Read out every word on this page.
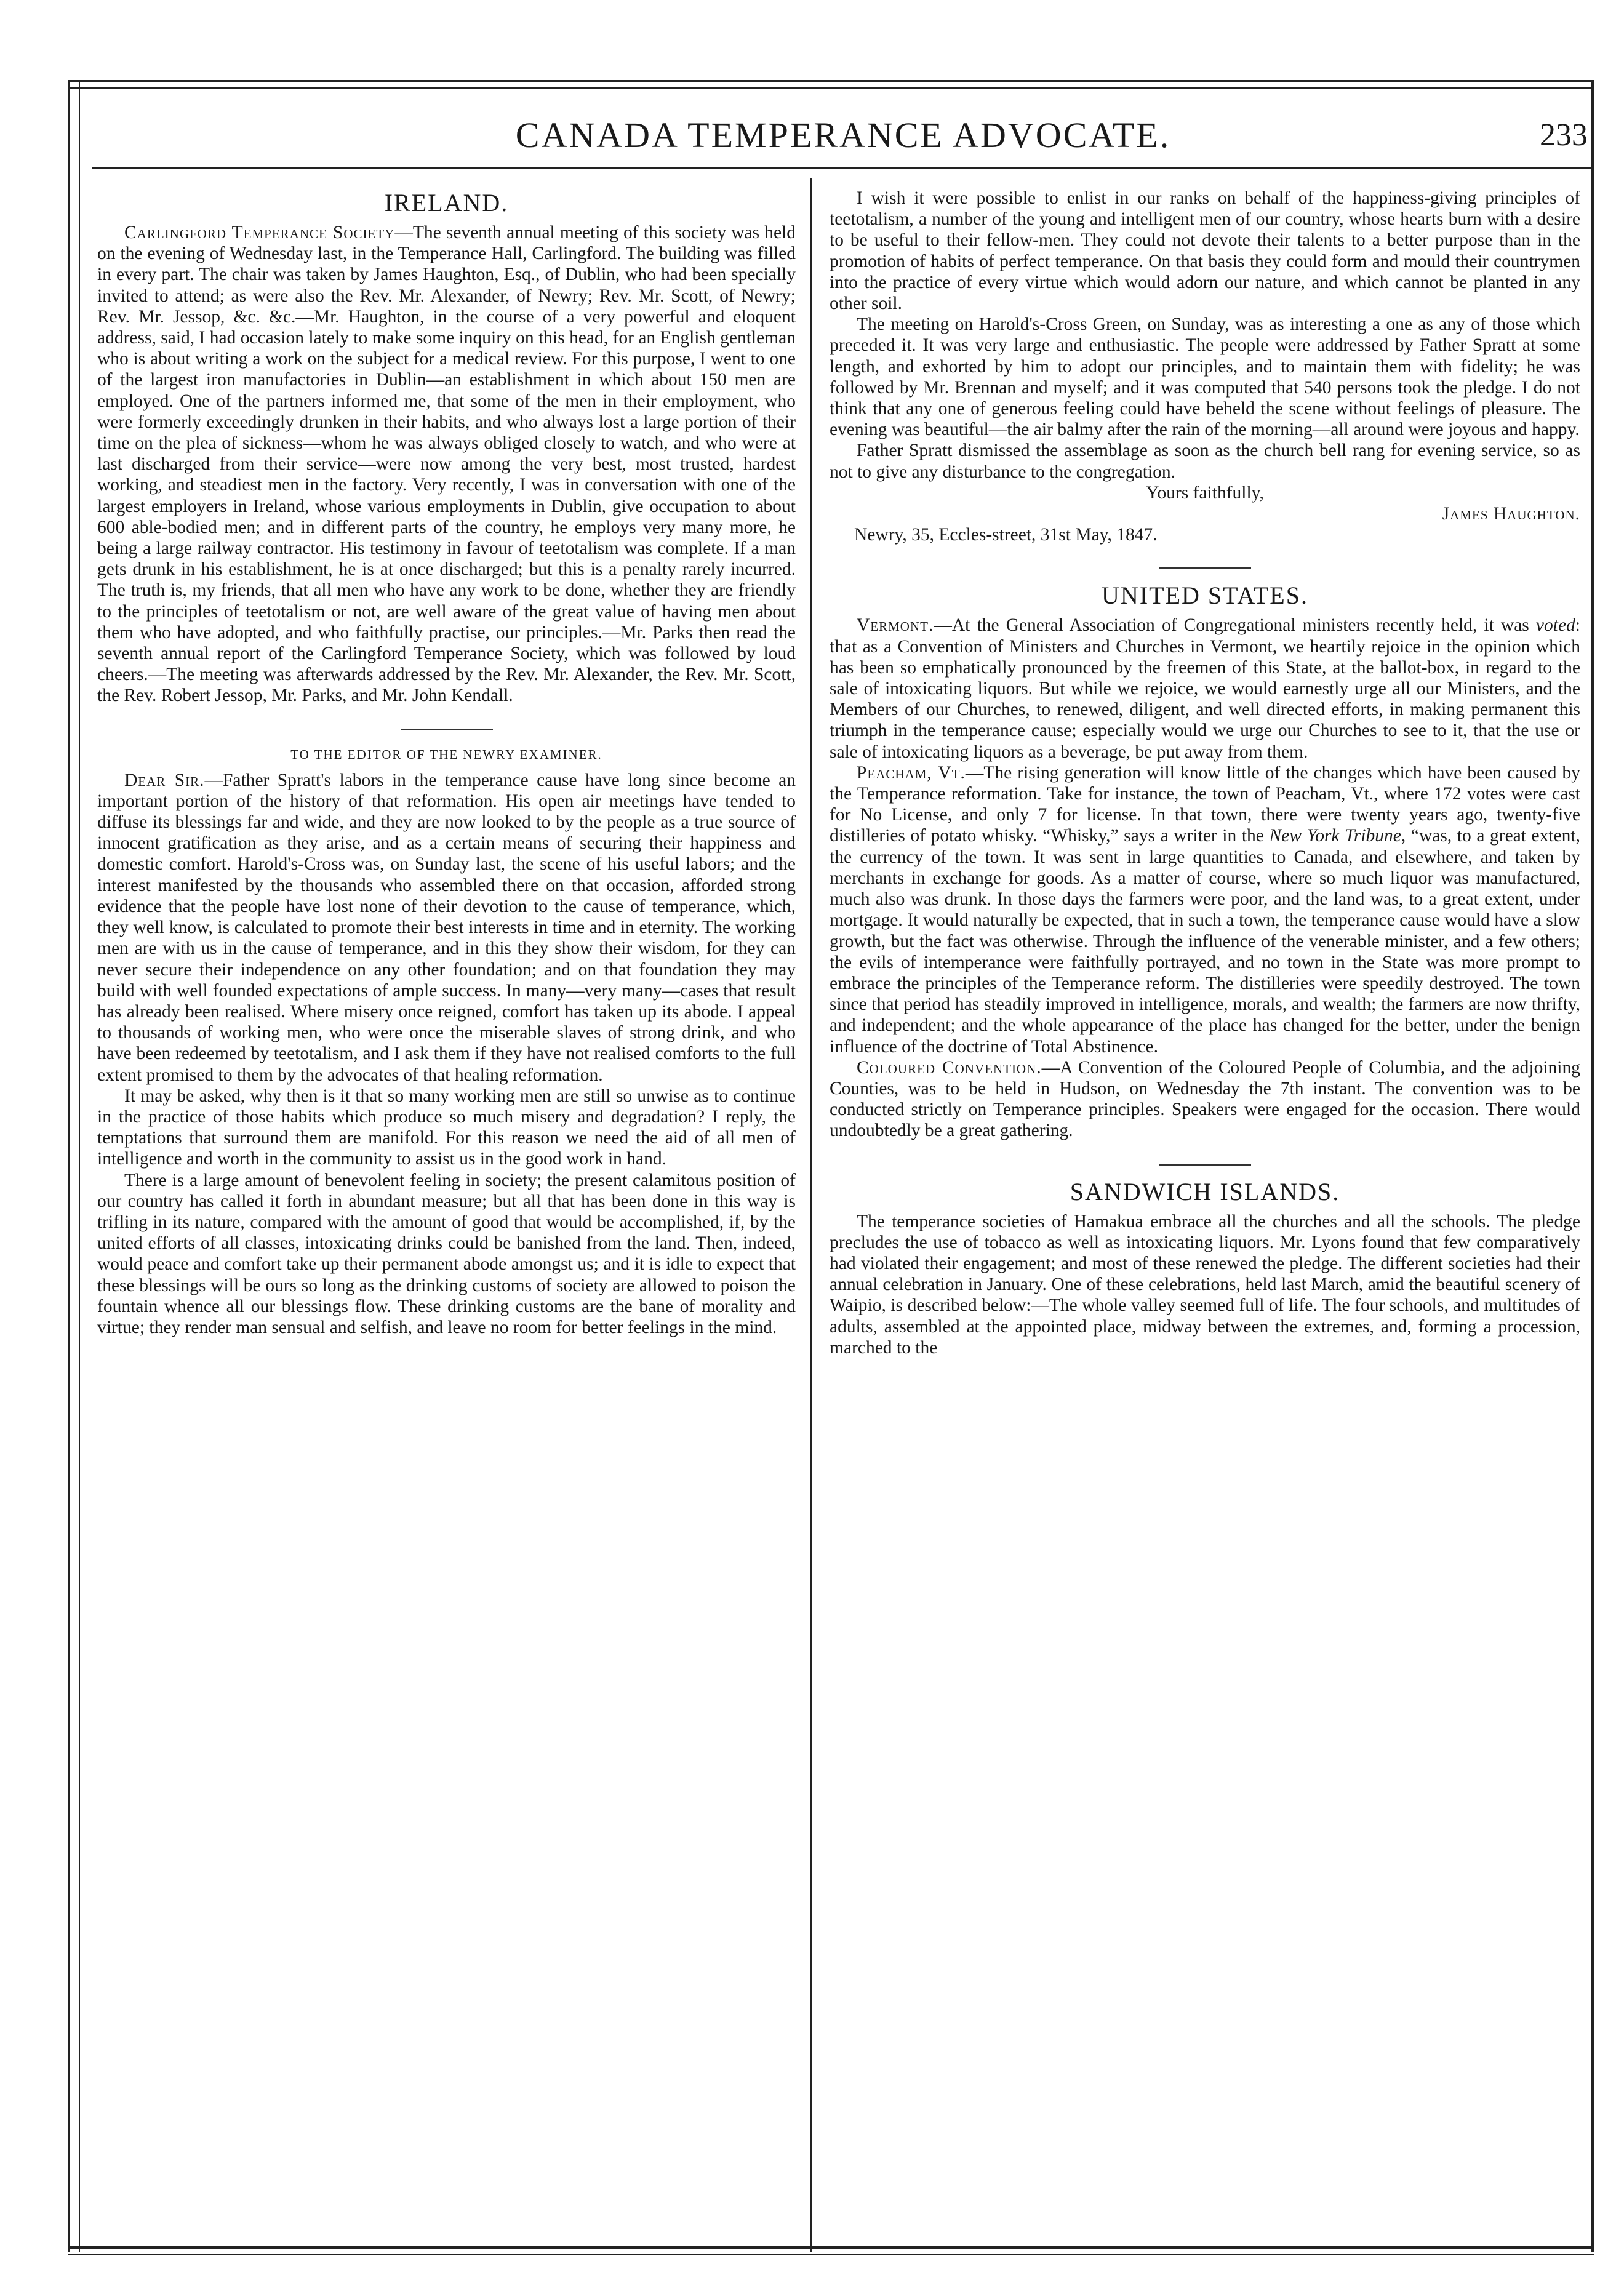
CANADA TEMPERANCE ADVOCATE.	233
IRELAND.

Carlingford Temperance Society—The seventh annual meeting of this society was held on the evening of Wednesday last, in the Temperance Hall, Carlingford. The building was filled in every part. The chair was taken by James Haughton, Esq., of Dublin, who had been specially invited to attend; as were also the Rev. Mr. Alexander, of Newry; Rev. Mr. Scott, of Newry; Rev. Mr. Jessop, &c. &c.—Mr. Haughton, in the course of a very powerful and eloquent address, said, I had occasion lately to make some inquiry on this head, for an English gentleman who is about writing a work on the subject for a medical review. For this purpose, I went to one of the largest iron manufactories in Dublin—an establishment in which about 150 men are employed. One of the partners informed me, that some of the men in their employment, who were formerly exceedingly drunken in their habits, and who always lost a large portion of their time on the plea of sickness—whom he was always obliged closely to watch, and who were at last discharged from their service—were now among the very best, most trusted, hardest working, and steadiest men in the factory. Very recently, I was in conversation with one of the largest employers in Ireland, whose various employments in Dublin, give occupation to about 600 able-bodied men; and in different parts of the country, he employs very many more, he being a large railway contractor. His testimony in favour of teetotalism was complete. If a man gets drunk in his establishment, he is at once discharged; but this is a penalty rarely incurred. The truth is, my friends, that all men who have any work to be done, whether they are friendly to the principles of teetotalism or not, are well aware of the great value of having men about them who have adopted, and who faithfully practise, our principles.—Mr. Parks then read the seventh annual report of the Carlingford Temperance Society, which was followed by loud cheers.—The meeting was afterwards addressed by the Rev. Mr. Alexander, the Rev. Mr. Scott, the Rev. Robert Jessop, Mr. Parks, and Mr. John Kendall.

TO THE EDITOR OF THE NEWRY EXAMINER.

Dear Sir.—Father Spratt's labors in the temperance cause have long since become an important portion of the history of that reformation. His open air meetings have tended to diffuse its blessings far and wide, and they are now looked to by the people as a true source of innocent gratification as they arise, and as a certain means of securing their happiness and domestic comfort. Harold's-Cross was, on Sunday last, the scene of his useful labors; and the interest manifested by the thousands who assembled there on that occasion, afforded strong evidence that the people have lost none of their devotion to the cause of temperance, which, they well know, is calculated to promote their best interests in time and in eternity. The working men are with us in the cause of temperance, and in this they show their wisdom, for they can never secure their independence on any other foundation; and on that foundation they may build with well founded expectations of ample success. In many—very many—cases that result has already been realised. Where misery once reigned, comfort has taken up its abode. I appeal to thousands of working men, who were once the miserable slaves of strong drink, and who have been redeemed by teetotalism, and I ask them if they have not realised comforts to the full extent promised to them by the advocates of that healing reformation.

It may be asked, why then is it that so many working men are still so unwise as to continue in the practice of those habits which produce so much misery and degradation? I reply, the temptations that surround them are manifold. For this reason we need the aid of all men of intelligence and worth in the community to assist us in the good work in hand.

There is a large amount of benevolent feeling in society; the present calamitous position of our country has called it forth in abundant measure; but all that has been done in this way is trifling in its nature, compared with the amount of good that would be accomplished, if, by the united efforts of all classes, intoxicating drinks could be banished from the land. Then, indeed, would peace and comfort take up their permanent abode amongst us; and it is idle to expect that these blessings will be ours so long as the drinking customs of society are allowed to poison the fountain whence all our blessings flow. These drinking customs are the bane of morality and virtue; they render man sensual and selfish, and leave no room for better feelings in the mind.

I wish it were possible to enlist in our ranks on behalf of the happiness-giving principles of teetotalism, a number of the young and intelligent men of our country, whose hearts burn with a desire to be useful to their fellow-men. They could not devote their talents to a better purpose than in the promotion of habits of perfect temperance. On that basis they could form and mould their countrymen into the practice of every virtue which would adorn our nature, and which cannot be planted in any other soil.

The meeting on Harold's-Cross Green, on Sunday, was as interesting a one as any of those which preceded it. It was very large and enthusiastic. The people were addressed by Father Spratt at some length, and exhorted by him to adopt our principles, and to maintain them with fidelity; he was followed by Mr. Brennan and myself; and it was computed that 540 persons took the pledge. I do not think that any one of generous feeling could have beheld the scene without feelings of pleasure. The evening was beautiful—the air balmy after the rain of the morning—all around were joyous and happy.

Father Spratt dismissed the assemblage as soon as the church bell rang for evening service, so as not to give any disturbance to the congregation.

Yours faithfully,

James Haughton.

Newry, 35, Eccles-street, 31st May, 1847.

UNITED STATES.

Vermont.—At the General Association of Congregational ministers recently held, it was voted: that as a Convention of Ministers and Churches in Vermont, we heartily rejoice in the opinion which has been so emphatically pronounced by the freemen of this State, at the ballot-box, in regard to the sale of intoxicating liquors. But while we rejoice, we would earnestly urge all our Ministers, and the Members of our Churches, to renewed, diligent, and well directed efforts, in making permanent this triumph in the temperance cause; especially would we urge our Churches to see to it, that the use or sale of intoxicating liquors as a beverage, be put away from them.

Peacham, Vt.—The rising generation will know little of the changes which have been caused by the Temperance reformation. Take for instance, the town of Peacham, Vt., where 172 votes were cast for No License, and only 7 for license. In that town, there were twenty years ago, twenty-five distilleries of potato whisky. “Whisky,” says a writer in the New York Tribune, “was, to a great extent, the currency of the town. It was sent in large quantities to Canada, and elsewhere, and taken by merchants in exchange for goods. As a matter of course, where so much liquor was manufactured, much also was drunk. In those days the farmers were poor, and the land was, to a great extent, under mortgage. It would naturally be expected, that in such a town, the temperance cause would have a slow growth, but the fact was otherwise. Through the influence of the venerable minister, and a few others; the evils of intemperance were faithfully portrayed, and no town in the State was more prompt to embrace the principles of the Temperance reform. The distilleries were speedily destroyed. The town since that period has steadily improved in intelligence, morals, and wealth; the farmers are now thrifty, and independent; and the whole appearance of the place has changed for the better, under the benign influence of the doctrine of Total Abstinence.

Coloured Convention.—A Convention of the Coloured People of Columbia, and the adjoining Counties, was to be held in Hudson, on Wednesday the 7th instant. The convention was to be conducted strictly on Temperance principles. Speakers were engaged for the occasion. There would undoubtedly be a great gathering.

SANDWICH ISLANDS.

The temperance societies of Hamakua embrace all the churches and all the schools. The pledge precludes the use of tobacco as well as intoxicating liquors. Mr. Lyons found that few comparatively had violated their engagement; and most of these renewed the pledge. The different societies had their annual celebration in January. One of these celebrations, held last March, amid the beautiful scenery of Waipio, is described below:—The whole valley seemed full of life. The four schools, and multitudes of adults, assembled at the appointed place, midway between the extremes, and, forming a procession, marched to the
